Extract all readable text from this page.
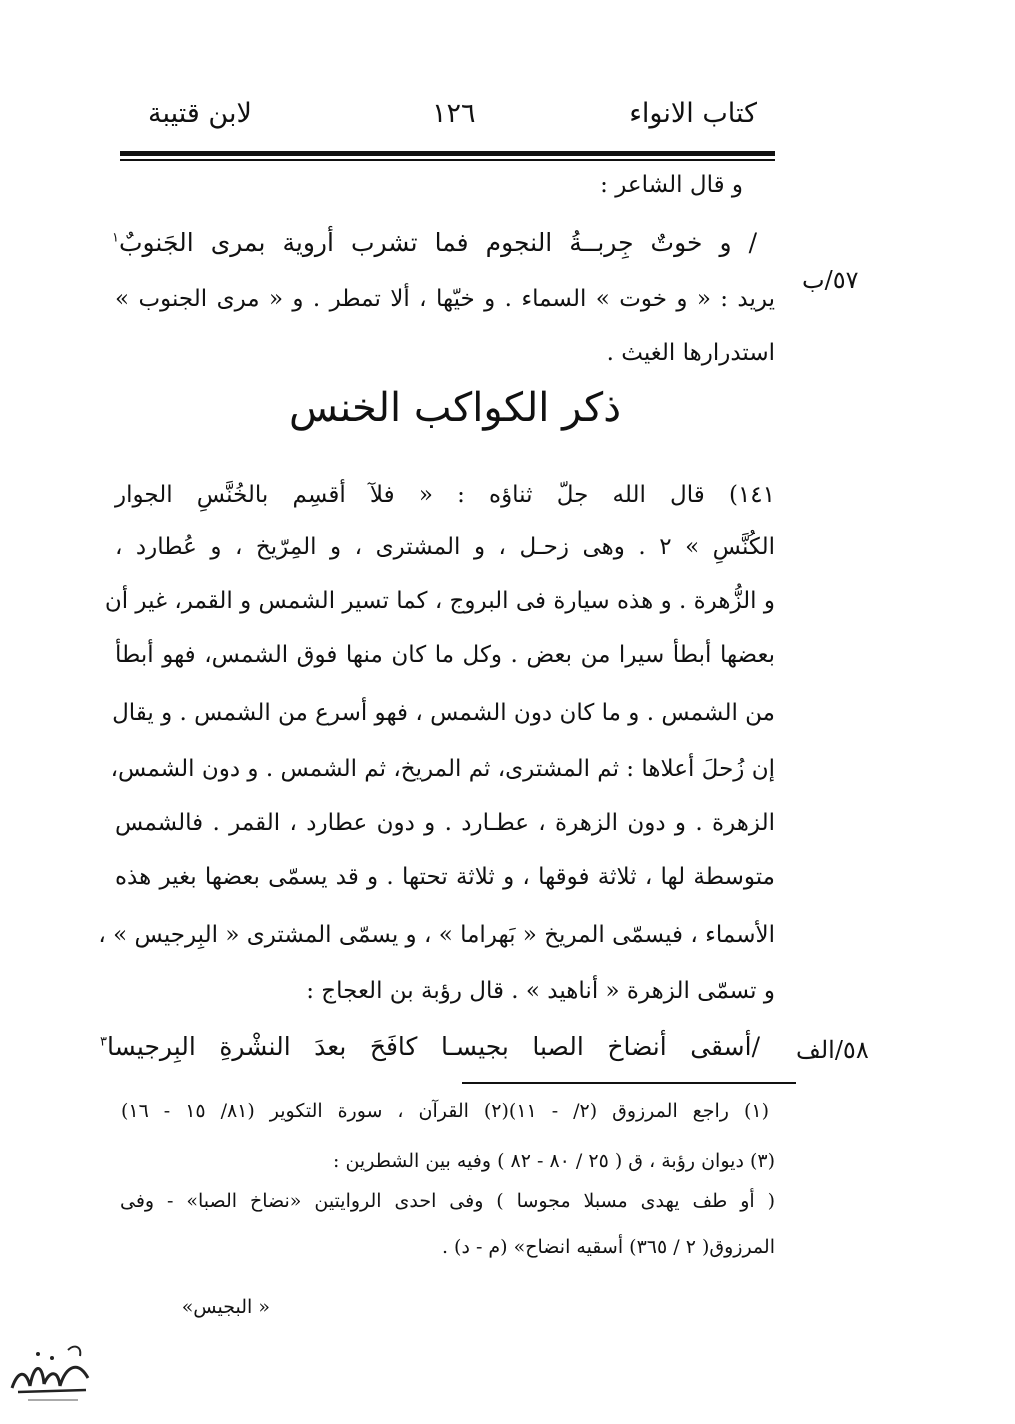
كتاب الانواء
١٢٦
لابن قتيبة
و قال الشاعر :
/ و خوتٌ جِربــةُ النجوم فما تشرب أروية بمرى الجَنوبٌ$^١$
٥٧/ب
يريد : « و خوت » السماء . و خيّها ، ألا تمطر . و « مرى الجنوب »
استدرارها الغيث .
ذكر الكواكب الخنس
١٤١) قال الله جلّ ثناؤه : « فلآ أقسِم بالخُنَّسِ الجوار
الكُنَّسِ » ٢ . وهى زحـل ، و المشترى ، و المِرّيخ ، و عُطارد ،
و الزُّهرة . و هذه سيارة فى البروج ، كما تسير الشمس و القمر، غير أن
بعضها أبطأ سيرا من بعض . وكل ما كان منها فوق الشمس، فهو أبطأ
من الشمس . و ما كان دون الشمس ، فهو أسرع من الشمس . و يقال
إن زُحلَ أعلاها : ثم المشترى، ثم المريخ، ثم الشمس . و دون الشمس،
الزهرة . و دون الزهرة ، عطـارد . و دون عطارد ، القمر . فالشمس
متوسطة لها ، ثلاثة فوقها ، و ثلاثة تحتها . و قد يسمّى بعضها بغير هذه
الأسماء ، فيسمّى المريخ « بَهراما » ، و يسمّى المشترى « البِرجيس » ،
و تسمّى الزهرة « أناهيد » . قال رؤبة بن العجاج :
/أسقى أنضاخ الصبا بجيسـا كافَحَ بعدَ النشْرةِ البِرجيسا$^٣$	٥٨/الف
(١) راجع المرزوق (٢/ - ١١)(٢) القرآن ، سورة التكوير (٨١/ ١٥ - ١٦)
(٣) ديوان رؤبة ، ق ( ٢٥ / ٨٠ - ٨٢ ) وفيه بين الشطرين :
( أو طف يهدى مسبلا مجوسا ) وفى احدى الروايتين «نضاخ الصبا» - وفى
المرزوق( ٢ / ٣٦٥) أسقيه انضاح» (م - د) .
« البجيس»
